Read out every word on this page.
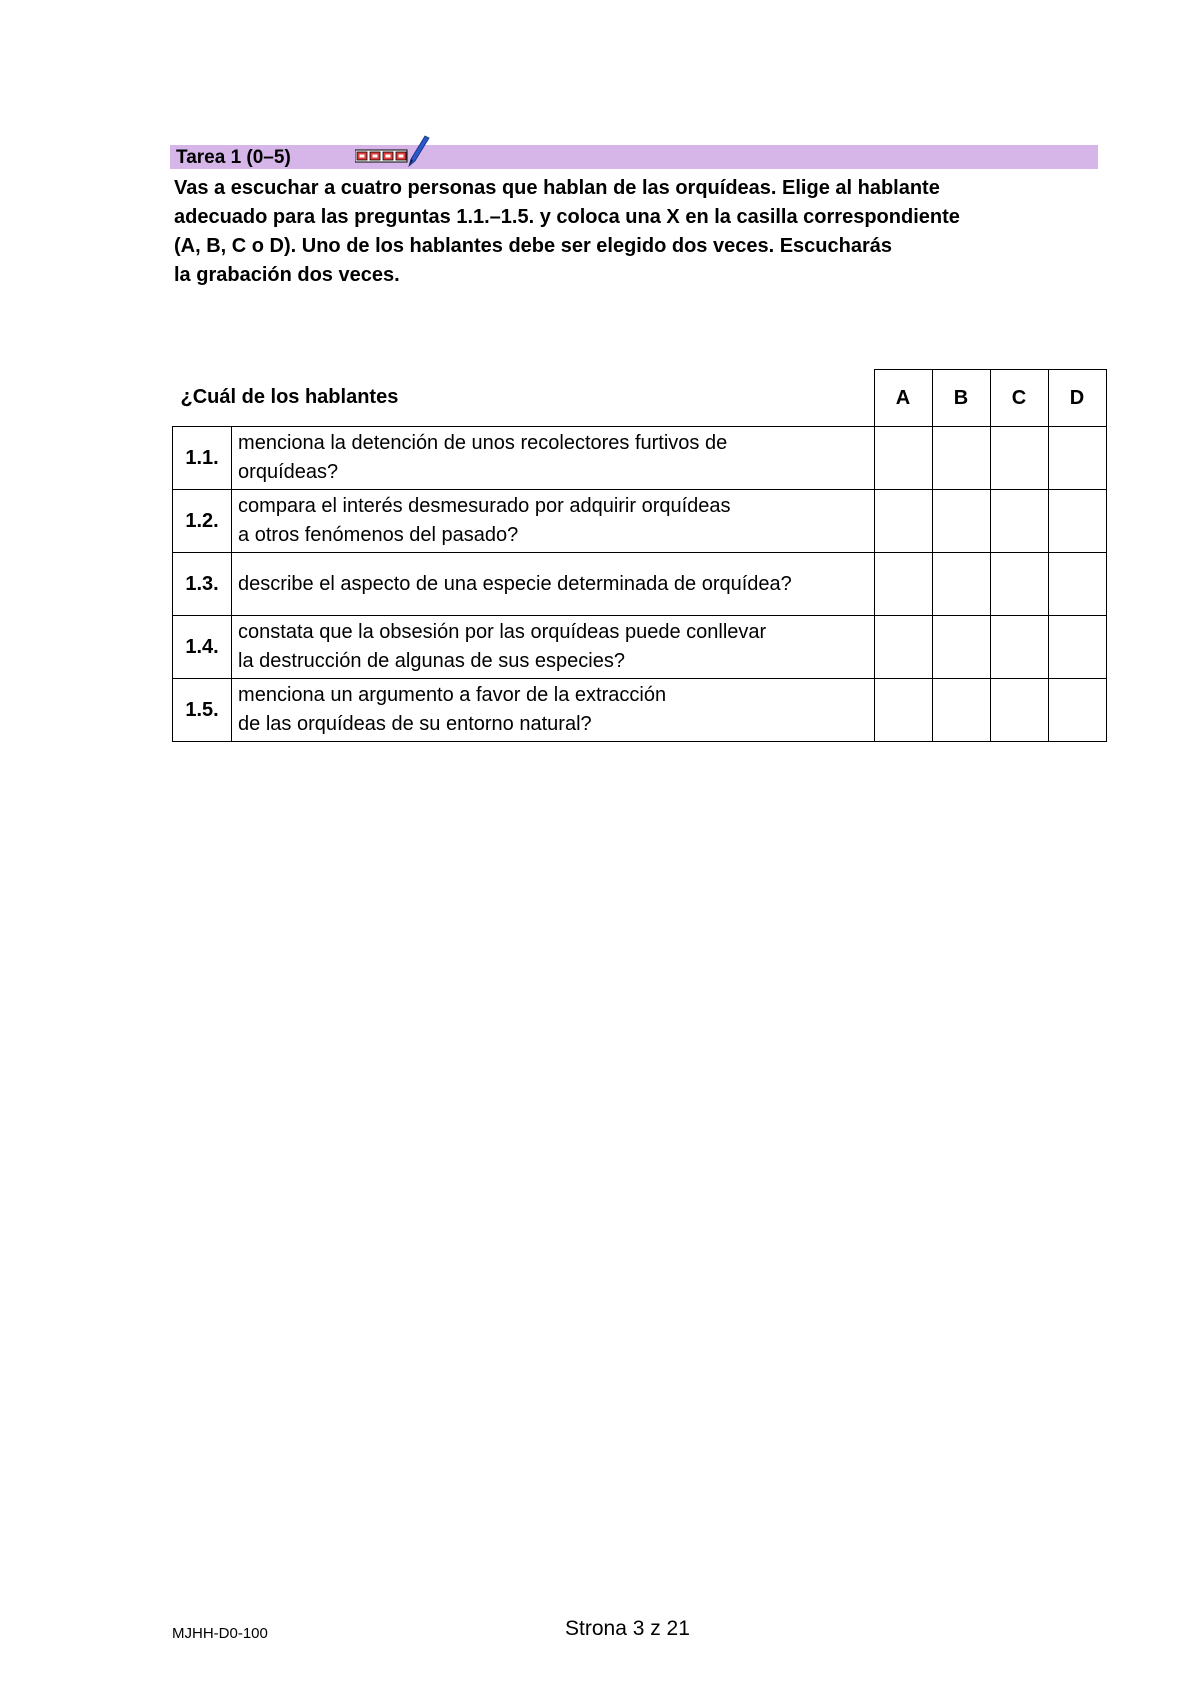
Tarea 1 (0–5)
Vas a escuchar a cuatro personas que hablan de las orquídeas. Elige al hablante
adecuado para las preguntas 1.1.–1.5. y coloca una X en la casilla correspondiente
(A, B, C o D). Uno de los hablantes debe ser elegido dos veces. Escucharás
la grabación dos veces.
¿Cuál de los hablantes		A	B	C	D
1.1.	menciona la detención de unos recolectores furtivos de
orquídeas?				

1.2.	compara el interés desmesurado por adquirir orquídeas
a otros fenómenos del pasado?				

1.3.	describe el aspecto de una especie determinada de orquídea?				

1.4.	constata que la obsesión por las orquídeas puede conllevar
la destrucción de algunas de sus especies?				

1.5.	menciona un argumento a favor de la extracción
de las orquídeas de su entorno natural?				

MJHH-D0-100	Strona 3 z 21
